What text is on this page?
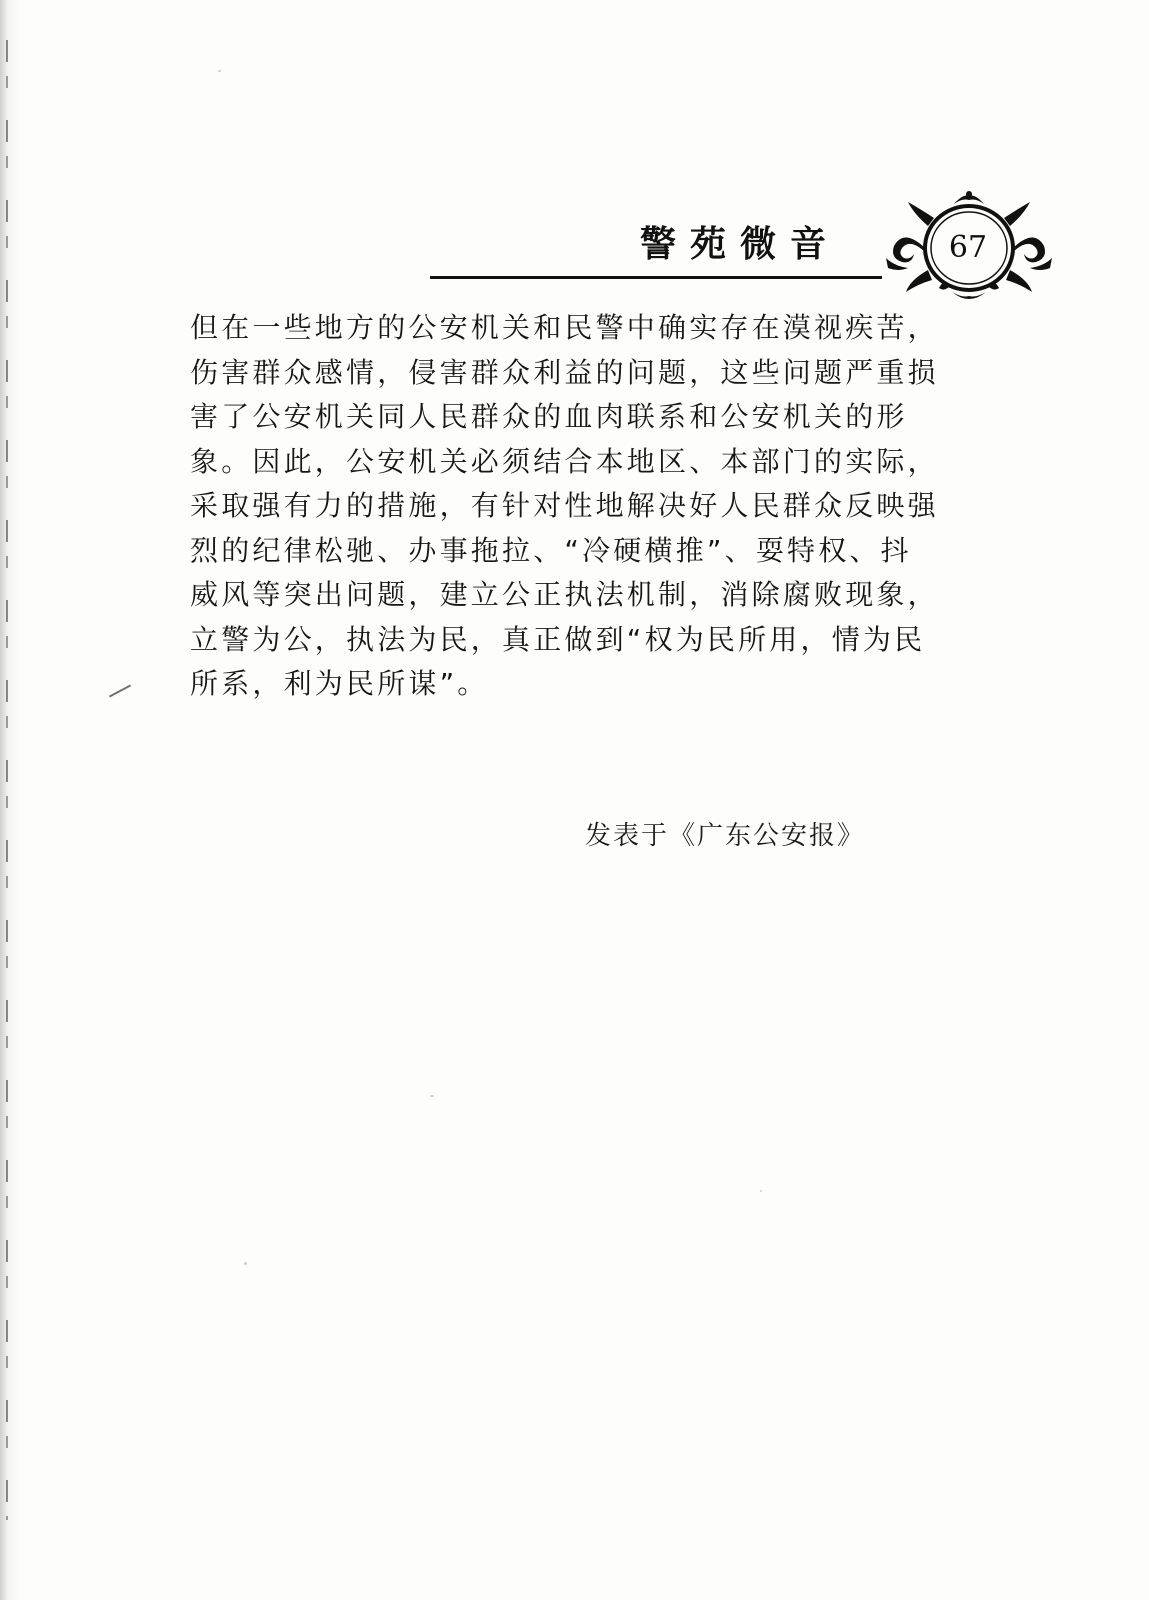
警苑微音	67
但在一些地方的公安机关和民警中确实存在漠视疾苦，
伤害群众感情，侵害群众利益的问题，这些问题严重损
害了公安机关同人民群众的血肉联系和公安机关的形
象。因此，公安机关必须结合本地区、本部门的实际，
采取强有力的措施，有针对性地解决好人民群众反映强
烈的纪律松驰、办事拖拉、“冷硬横推”、耍特权、抖
威风等突出问题，建立公正执法机制，消除腐败现象，
立警为公，执法为民，真正做到“权为民所用，情为民
所系，利为民所谋”。
发表于《广东公安报》
